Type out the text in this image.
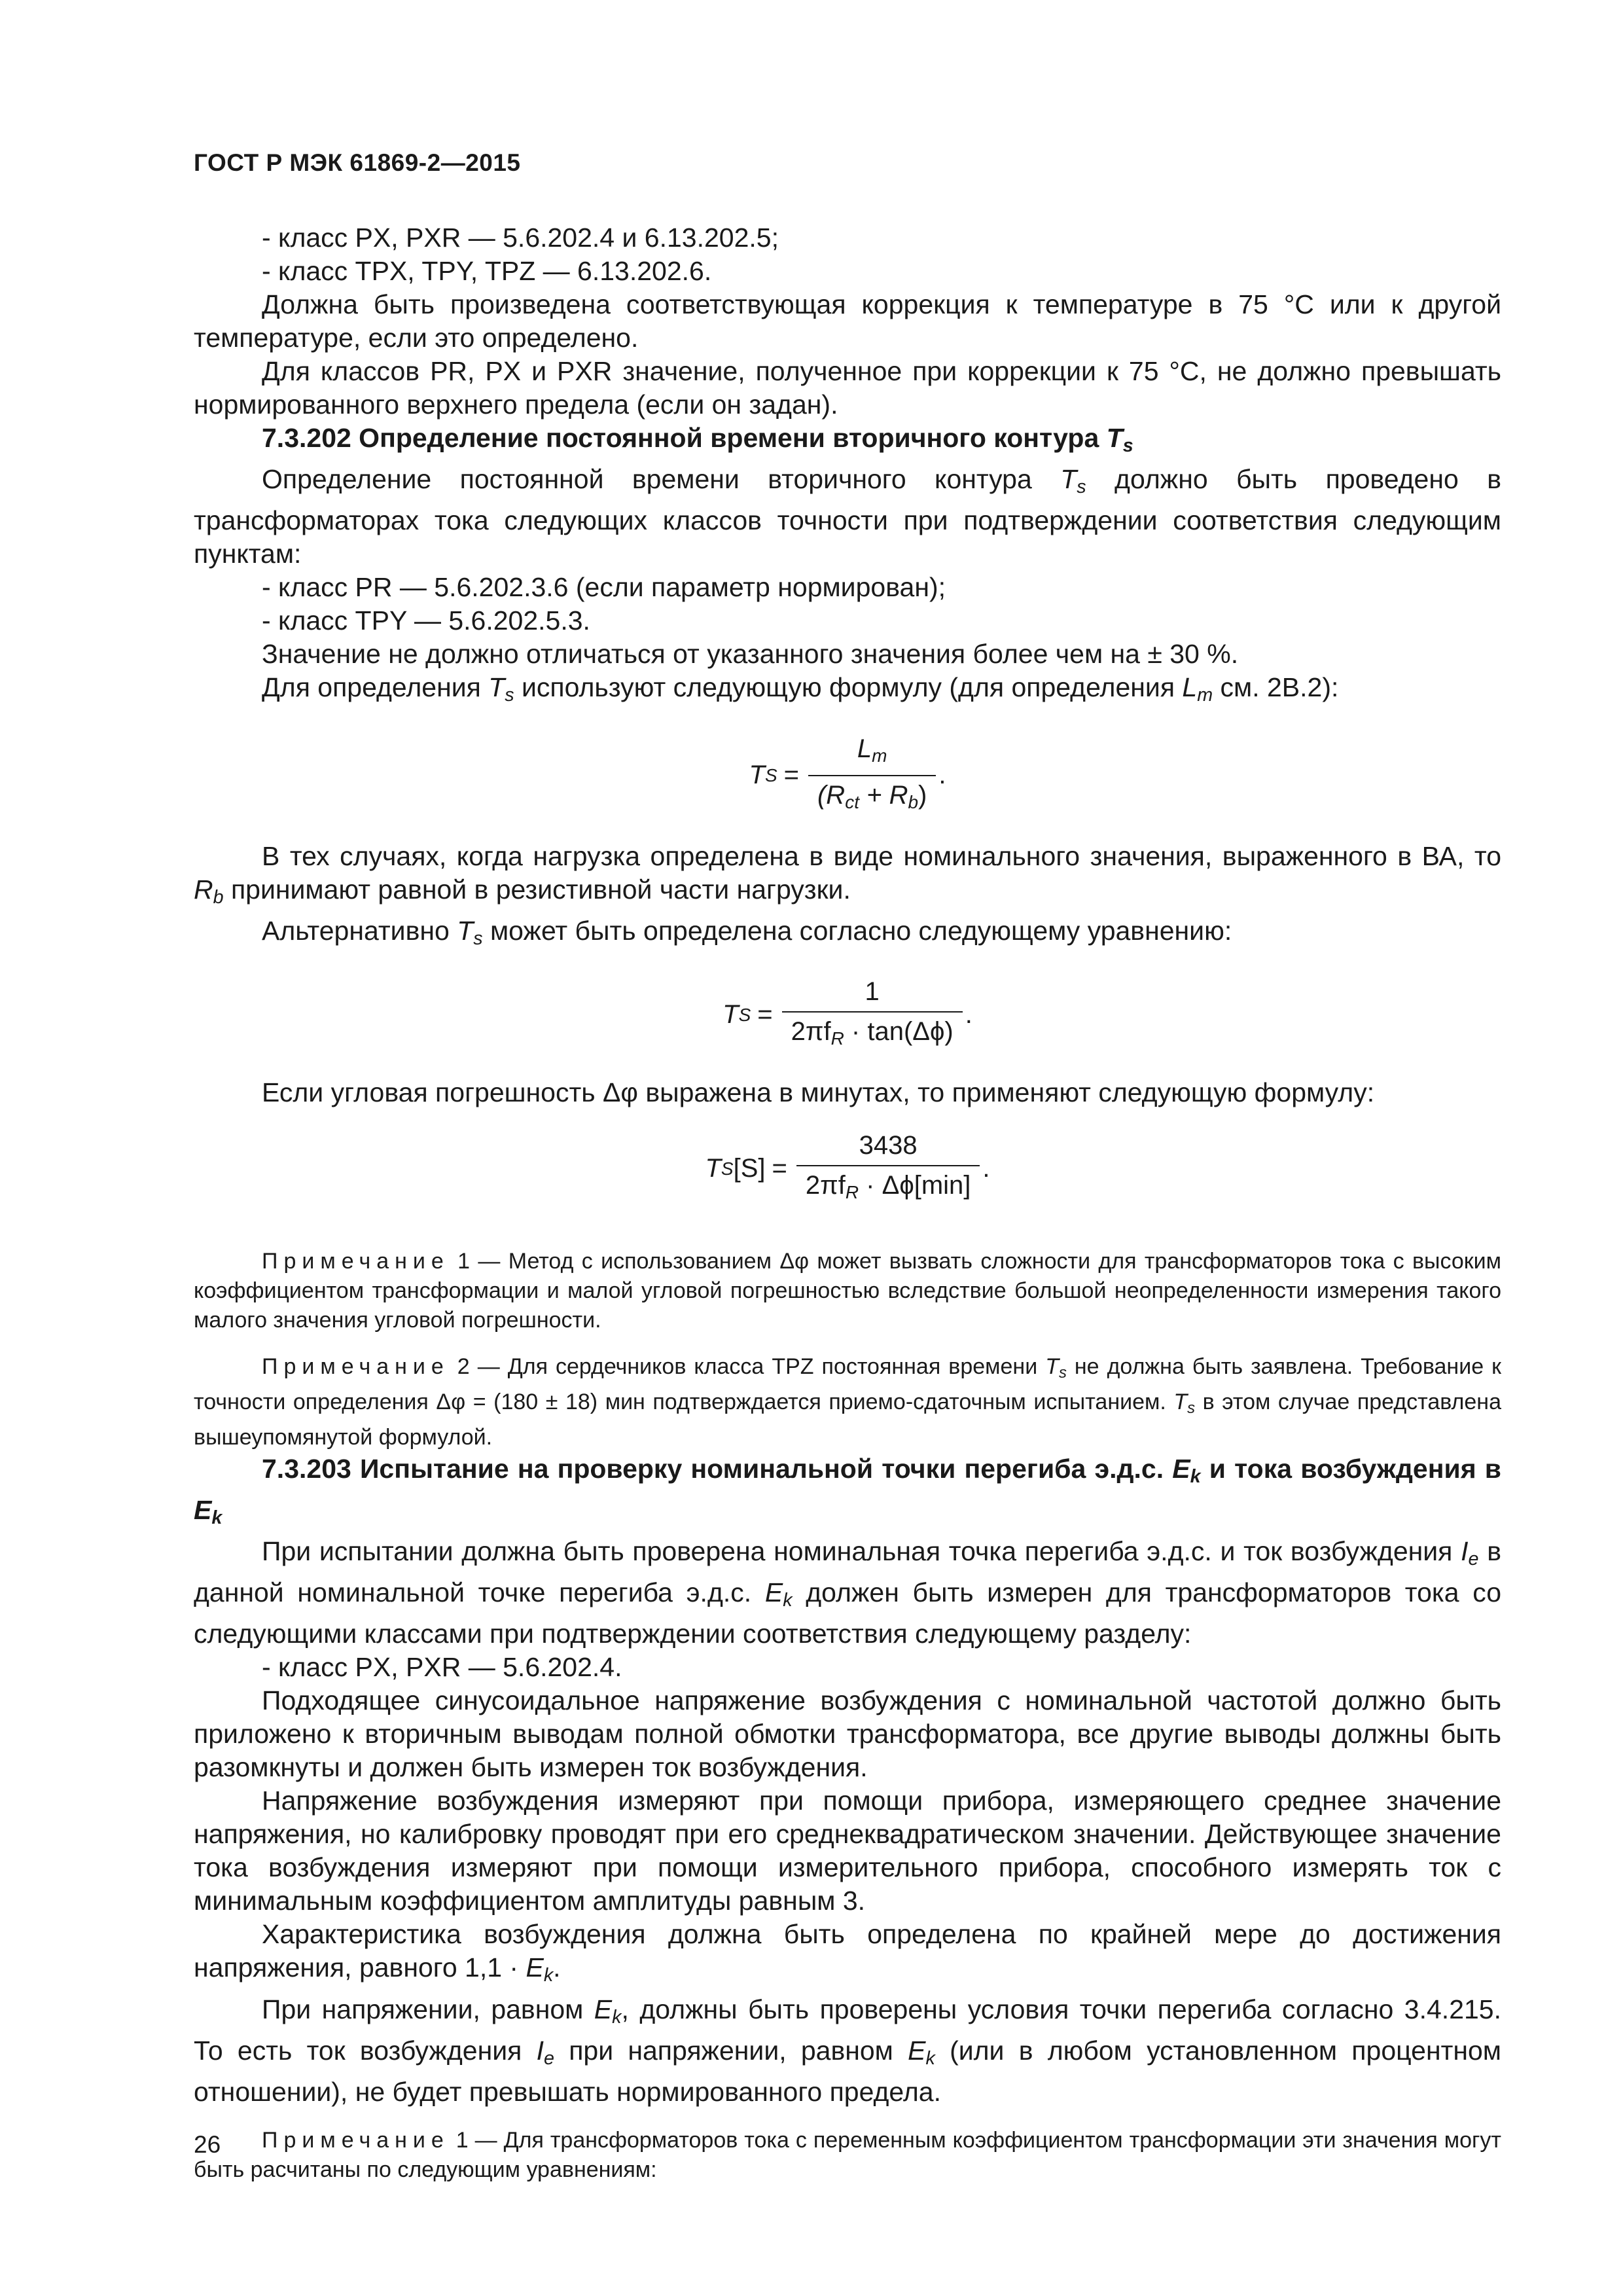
ГОСТ Р МЭК 61869-2—2015

- класс PX, PXR — 5.6.202.4 и 6.13.202.5;

- класс TPX, TPY, TPZ — 6.13.202.6.

Должна быть произведена соответствующая коррекция к температуре в 75 °С или к другой температуре, если это определено.

Для классов PR, PX и PXR значение, полученное при коррекции к 75 °С, не должно превышать нормированного верхнего предела (если он задан).

7.3.202 Определение постоянной времени вторичного контура $T_s$

Определение постоянной времени вторичного контура $T_s$ должно быть проведено в трансформаторах тока следующих классов точности при подтверждении соответствия следующим пунктам:

- класс PR — 5.6.202.3.6 (если параметр нормирован);

- класс TPY — 5.6.202.5.3.

Значение не должно отличаться от указанного значения более чем на ± 30 %.

Для определения $T_s$ используют следующую формулу (для определения $L_m$ см. 2В.2):

T $S = \frac{L_m}{(R_{ct} + R_b)}$ .

В тех случаях, когда нагрузка определена в виде номинального значения, выраженного в ВА, то $R_b$ принимают равной в резистивной части нагрузки.

Альтернативно $T_s$ может быть определена согласно следующему уравнению:

T $S = \frac{1}{2\pi f_R \cdot \tan(\Delta\phi)}$ .

Если угловая погрешность Δφ выражена в минутах, то применяют следующую формулу:

T S $[S] = \frac{3438}{2\pi f_R \cdot \Delta\phi[\min]}$ .

Примечание 1 — Метод с использованием Δφ может вызвать сложности для трансформаторов тока с высоким коэффициентом трансформации и малой угловой погрешностью вследствие большой неопределенности измерения такого малого значения угловой погрешности.

Примечание 2 — Для сердечников класса TPZ постоянная времени $T_s$ не должна быть заявлена. Требование к точности определения Δφ = (180 ± 18) мин подтверждается приемо-сдаточным испытанием. $T_s$ в этом случае представлена вышеупомянутой формулой.

7.3.203 Испытание на проверку номинальной точки перегиба э.д.с. $E_k$ и тока возбуждения в $E_k$

При испытании должна быть проверена номинальная точка перегиба э.д.с. и ток возбуждения $I_e$ в данной номинальной точке перегиба э.д.с. $E_k$ должен быть измерен для трансформаторов тока со следующими классами при подтверждении соответствия следующему разделу:

- класс PX, PXR — 5.6.202.4.

Подходящее синусоидальное напряжение возбуждения с номинальной частотой должно быть приложено к вторичным выводам полной обмотки трансформатора, все другие выводы должны быть разомкнуты и должен быть измерен ток возбуждения.

Напряжение возбуждения измеряют при помощи прибора, измеряющего среднее значение напряжения, но калибровку проводят при его среднеквадратическом значении. Действующее значение тока возбуждения измеряют при помощи измерительного прибора, способного измерять ток с минимальным коэффициентом амплитуды равным 3.

Характеристика возбуждения должна быть определена по крайней мере до достижения напряжения, равного $1,1 \cdot E_k$.

При напряжении, равном $E_k$, должны быть проверены условия точки перегиба согласно 3.4.215. То есть ток возбуждения $I_e$ при напряжении, равном $E_k$ (или в любом установленном процентном отношении), не будет превышать нормированного предела.

Примечание 1 — Для трансформаторов тока с переменным коэффициентом трансформации эти значения могут быть расчитаны по следующим уравнениям:

26
